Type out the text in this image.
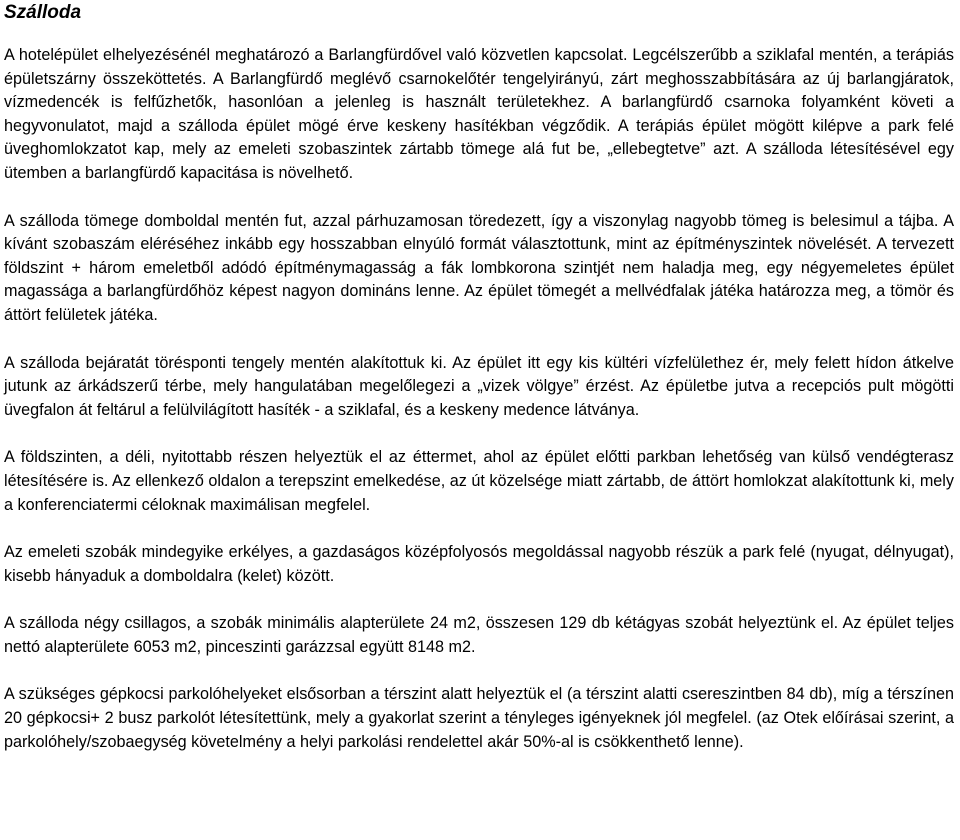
Szálloda

A hotelépület elhelyezésénél meghatározó a Barlangfürdővel való közvetlen kapcsolat. Legcélszerűbb a sziklafal mentén, a terápiás épületszárny összeköttetés. A Barlangfürdő meglévő csarnokelőtér tengelyirányú, zárt meghosszabbítására az új barlangjáratok, vízmedencék is felfűzhetők, hasonlóan a jelenleg is használt területekhez. A barlangfürdő csarnoka folyamként követi a hegyvonulatot, majd a szálloda épület mögé érve keskeny hasítékban végződik. A terápiás épület mögött kilépve a park felé üveghomlokzatot kap, mely az emeleti szobaszintek zártabb tömege alá fut be, „ellebegtetve” azt. A szálloda létesítésével egy ütemben a barlangfürdő kapacitása is növelhető.

A szálloda tömege domboldal mentén fut, azzal párhuzamosan töredezett, így a viszonylag nagyobb tömeg is belesimul a tájba. A kívánt szobaszám eléréséhez inkább egy hosszabban elnyúló formát választottunk, mint az építményszintek növelését. A tervezett földszint + három emeletből adódó építménymagasság a fák lombkorona szintjét nem haladja meg, egy négyemeletes épület magassága a barlangfürdőhöz képest nagyon domináns lenne. Az épület tömegét a mellvédfalak játéka határozza meg, a tömör és áttört felületek játéka.

A szálloda bejáratát törésponti tengely mentén alakítottuk ki. Az épület itt egy kis kültéri vízfelülethez ér, mely felett hídon átkelve jutunk az árkádszerű térbe, mely hangulatában megelőlegezi a „vizek völgye” érzést. Az épületbe jutva a recepciós pult mögötti üvegfalon át feltárul a felülvilágított hasíték - a sziklafal, és a keskeny medence látványa.

A földszinten, a déli, nyitottabb részen helyeztük el az éttermet, ahol az épület előtti parkban lehetőség van külső vendégterasz létesítésére is. Az ellenkező oldalon a terepszint emelkedése, az út közelsége miatt zártabb, de áttört homlokzat alakítottunk ki, mely a konferenciatermi céloknak maximálisan megfelel.

Az emeleti szobák mindegyike erkélyes, a gazdaságos középfolyosós megoldással nagyobb részük a park felé (nyugat, délnyugat), kisebb hányaduk a domboldalra (kelet) között.

A szálloda négy csillagos, a szobák minimális alapterülete 24 m2, összesen 129 db kétágyas szobát helyeztünk el. Az épület teljes nettó alapterülete 6053 m2, pinceszinti garázzsal együtt 8148 m2.

A szükséges gépkocsi parkolóhelyeket elsősorban a térszint alatt helyeztük el (a térszint alatti csereszintben 84 db), míg a térszínen 20 gépkocsi+ 2 busz parkolót létesítettünk, mely a gyakorlat szerint a tényleges igényeknek jól megfelel. (az Otek előírásai szerint, a parkolóhely/szobaegység követelmény a helyi parkolási rendelettel akár 50%-al is csökkenthető lenne).
